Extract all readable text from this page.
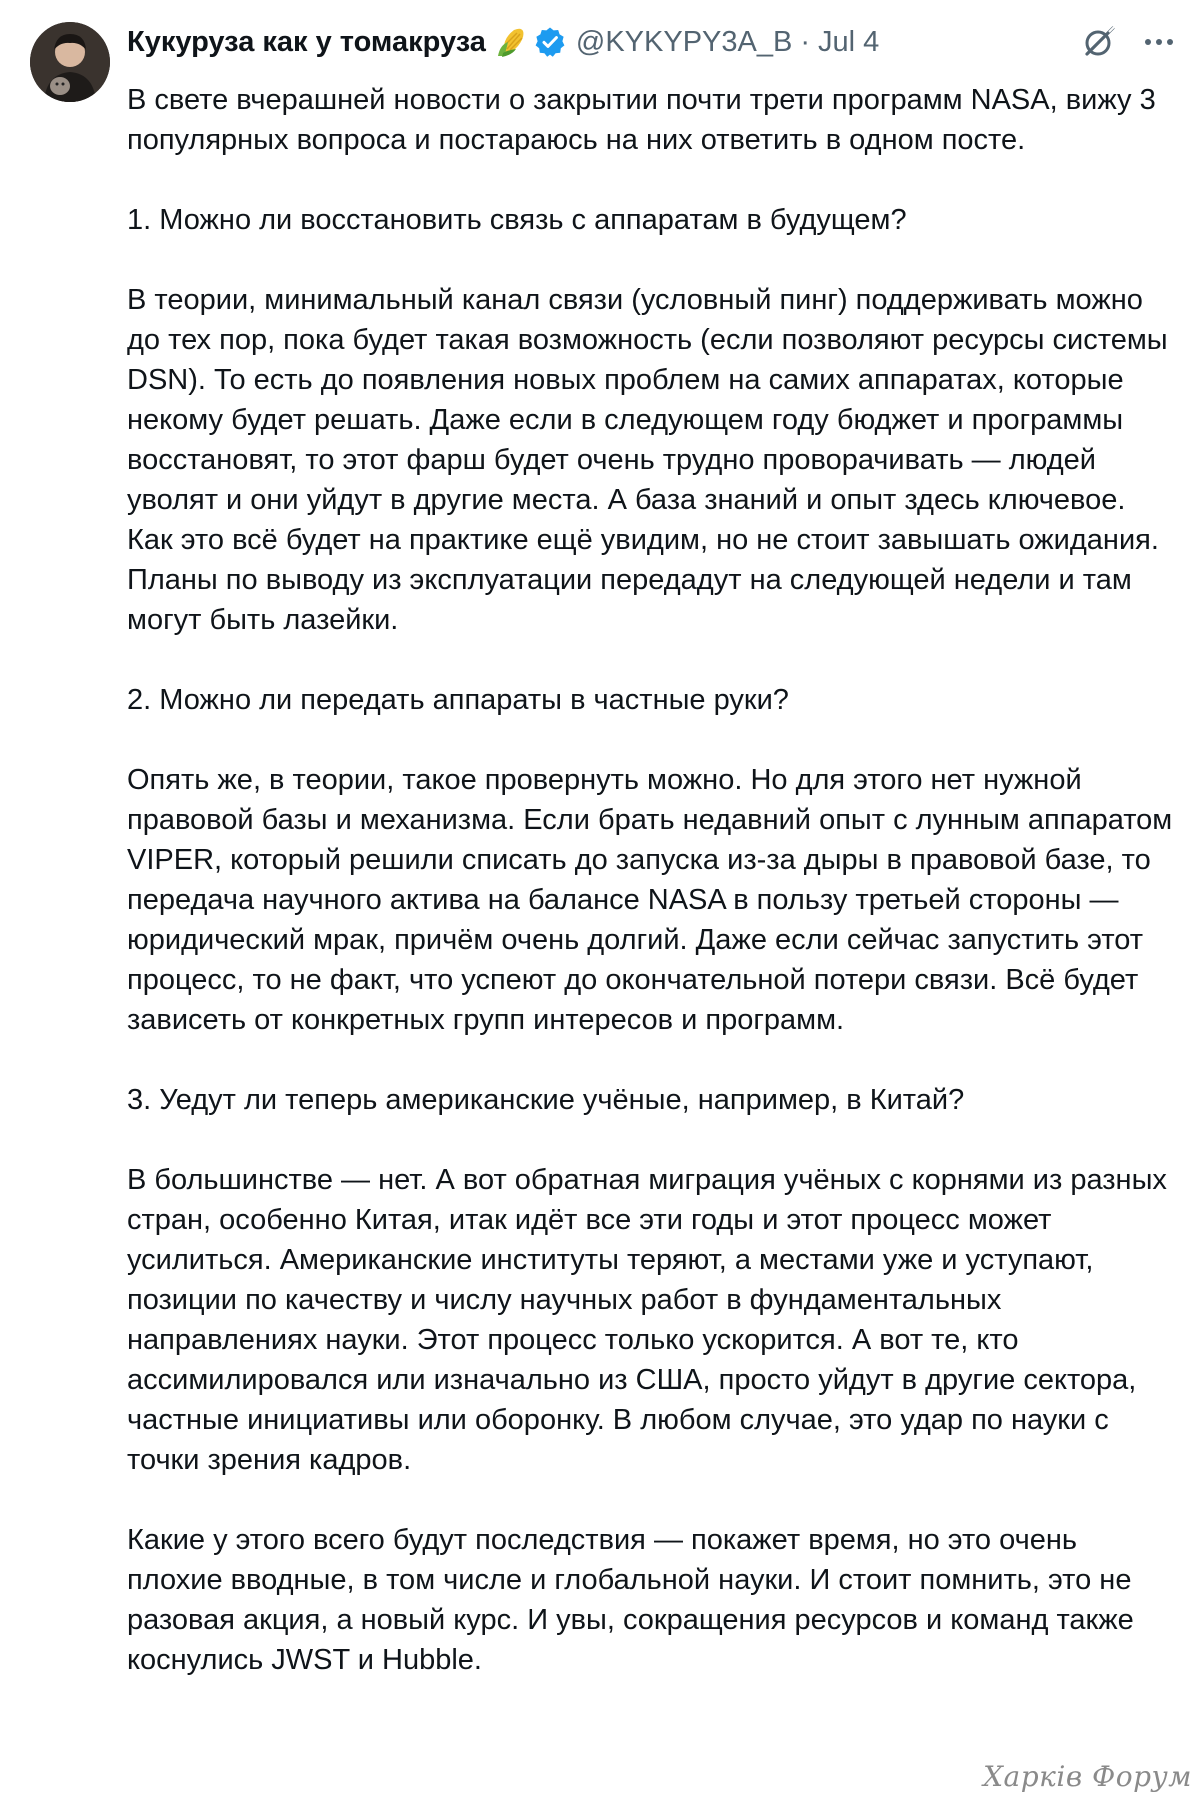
Кукуруза как у томакруза	@KYKYPY3A_B · Jul 4

В свете вчерашней новости о закрытии почти трети программ NASA, вижу 3 популярных вопроса и постараюсь на них ответить в одном посте.

1. Можно ли восстановить связь с аппаратам в будущем?

В теории, минимальный канал связи (условный пинг) поддерживать можно до тех пор, пока будет такая возможность (если позволяют ресурсы системы DSN). То есть до появления новых проблем на самих аппаратах, которые некому будет решать. Даже если в следующем году бюджет и программы восстановят, то этот фарш будет очень трудно проворачивать — людей уволят и они уйдут в другие места. А база знаний и опыт здесь ключевое. Как это всё будет на практике ещё увидим, но не стоит завышать ожидания. Планы по выводу из эксплуатации передадут на следующей недели и там могут быть лазейки.

2. Можно ли передать аппараты в частные руки?

Опять же, в теории, такое провернуть можно. Но для этого нет нужной правовой базы и механизма. Если брать недавний опыт с лунным аппаратом VIPER, который решили списать до запуска из-за дыры в правовой базе, то передача научного актива на балансе NASA в пользу третьей стороны — юридический мрак, причём очень долгий. Даже если сейчас запустить этот процесс, то не факт, что успеют до окончательной потери связи. Всё будет зависеть от конкретных групп интересов и программ.

3. Уедут ли теперь американские учёные, например, в Китай?

В большинстве — нет. А вот обратная миграция учёных с корнями из разных стран, особенно Китая, итак идёт все эти годы и этот процесс может усилиться. Американские институты теряют, а местами уже и уступают, позиции по качеству и числу научных работ в фундаментальных направлениях науки. Этот процесс только ускорится. А вот те, кто ассимилировался или изначально из США, просто уйдут в другие сектора, частные инициативы или оборонку. В любом случае, это удар по науки с точки зрения кадров.

Какие у этого всего будут последствия — покажет время, но это очень плохие вводные, в том числе и глобальной науки. И стоит помнить, это не разовая акция, а новый курс. И увы, сокращения ресурсов и команд также коснулись JWST и Hubble.

Харків Форум
